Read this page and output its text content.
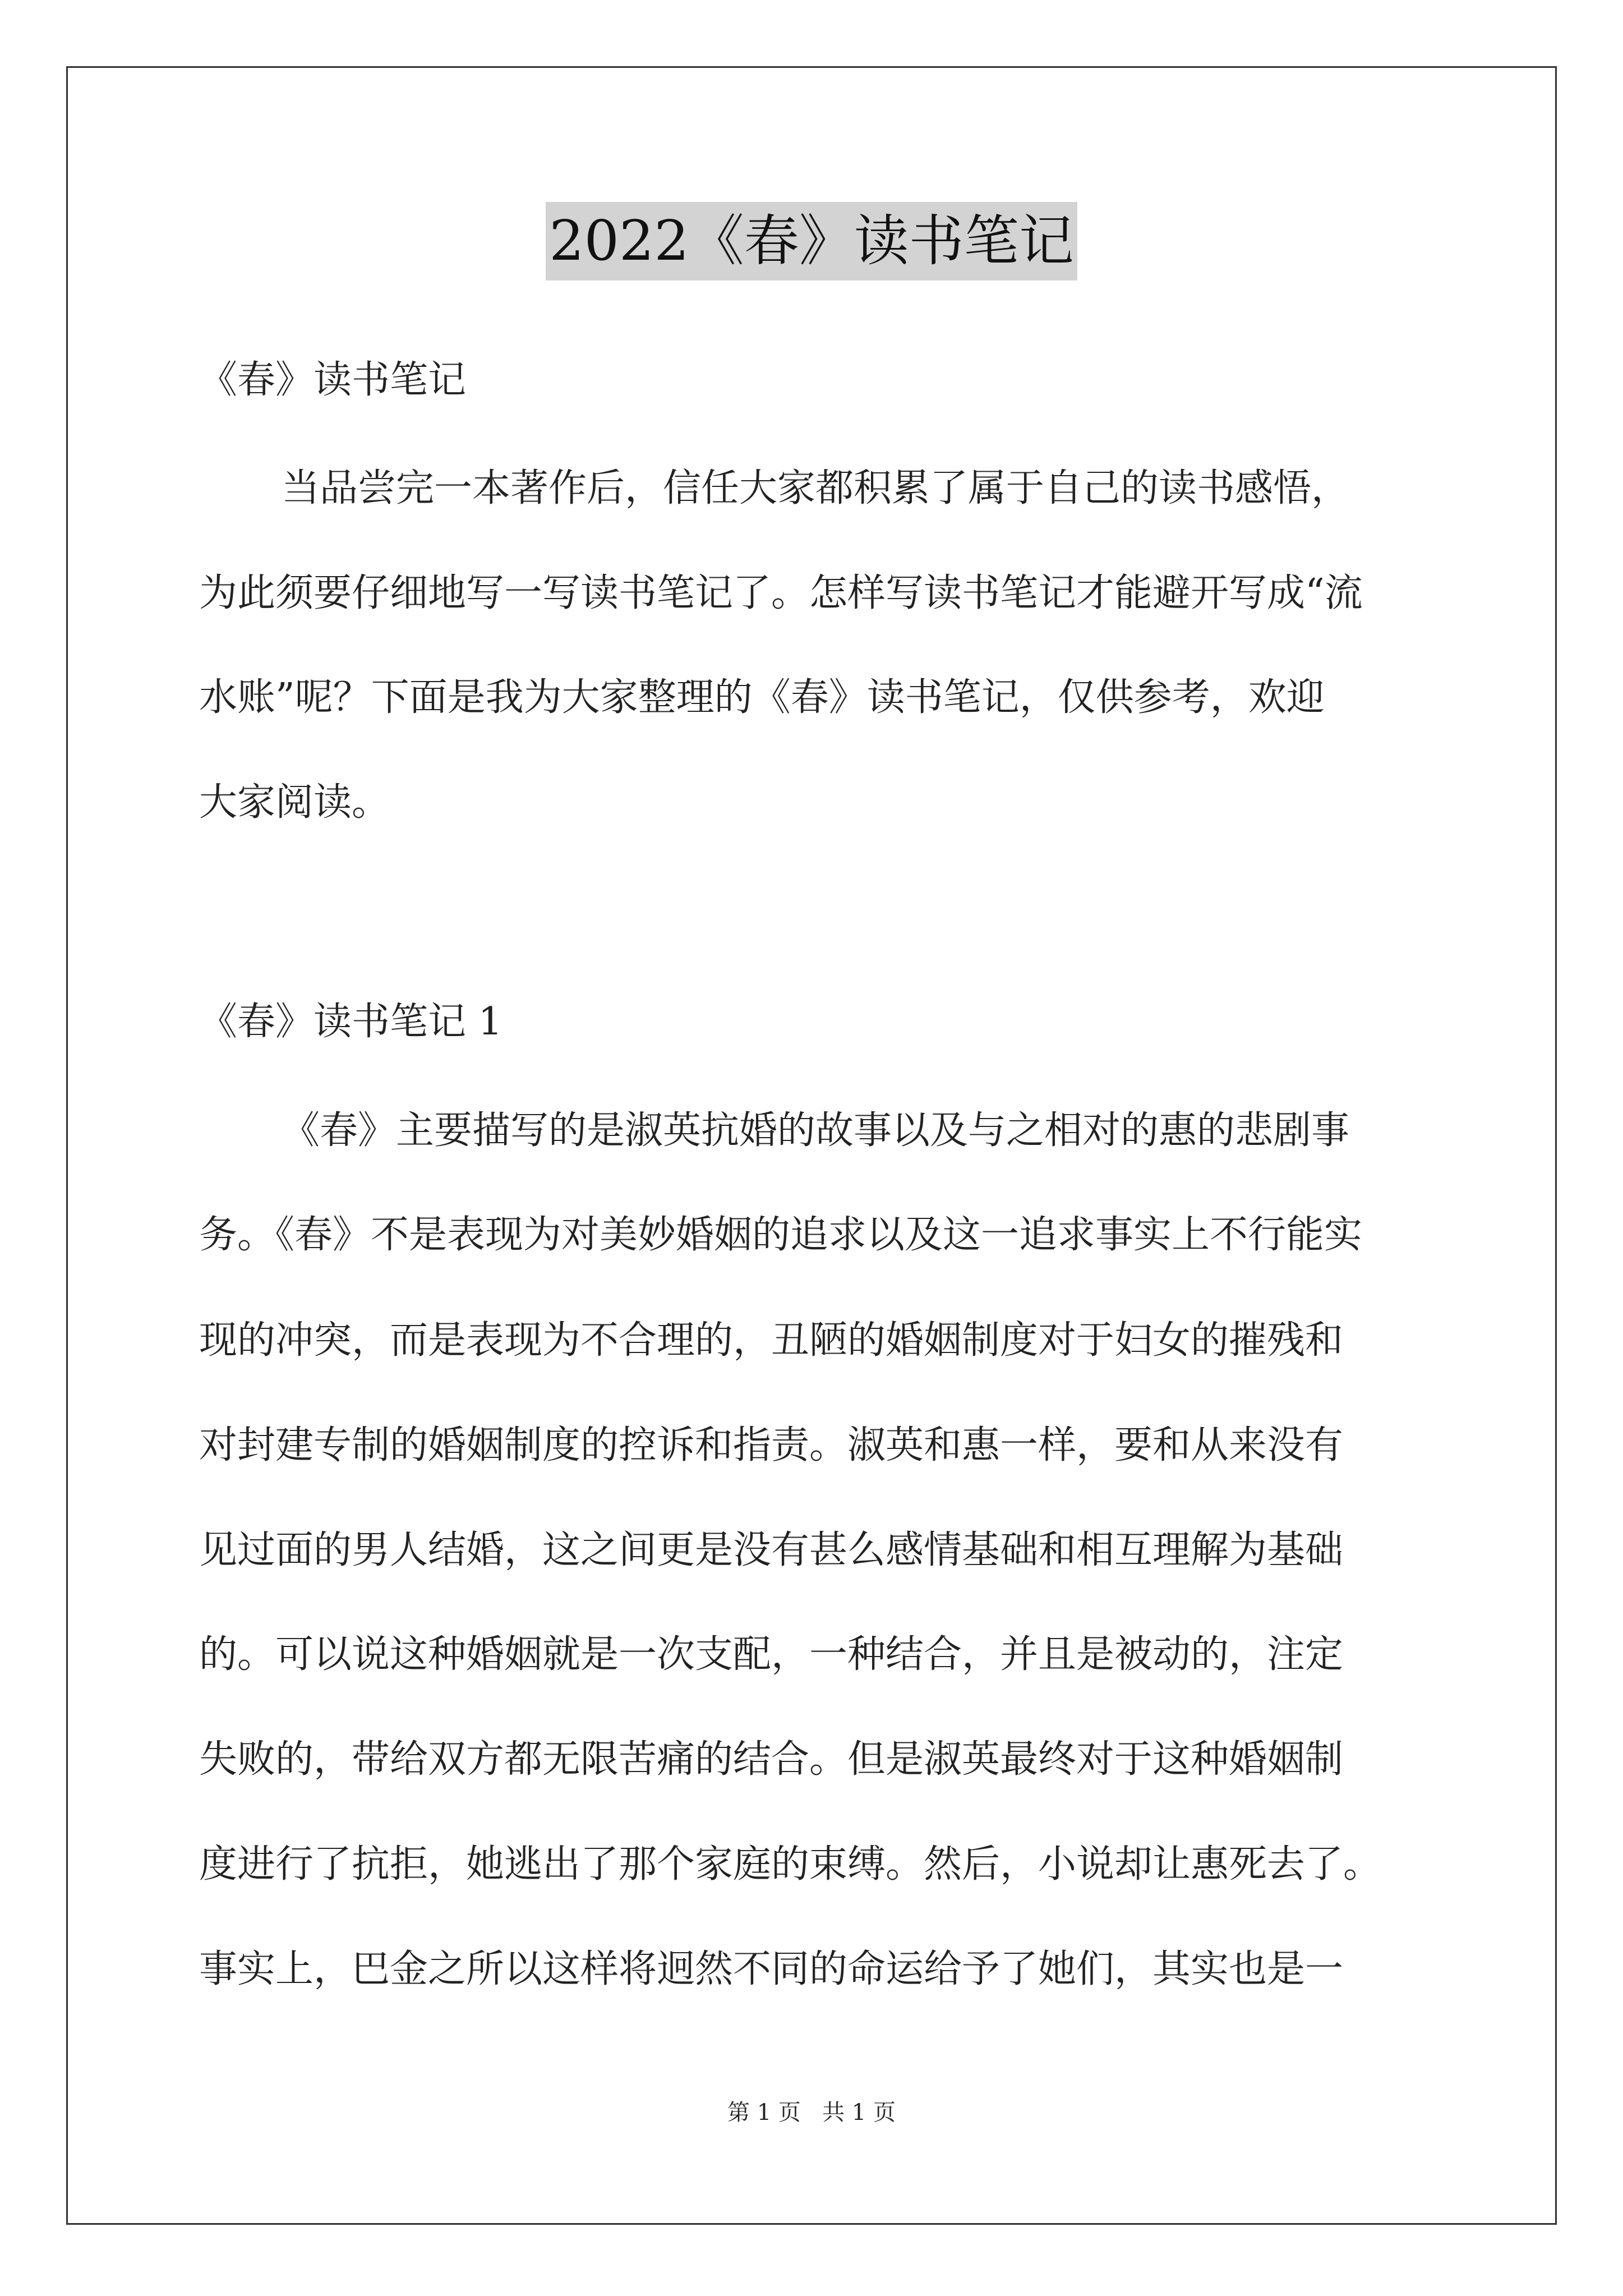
2022《春》读书笔记

《春》读书笔记

当品尝完一本著作后，信任大家都积累了属于自己的读书感悟，

为此须要仔细地写一写读书笔记了。怎样写读书笔记才能避开写成“流

水账”呢？下面是我为大家整理的《春》读书笔记，仅供参考，欢迎

大家阅读。

《春》读书笔记 1

《春》主要描写的是淑英抗婚的故事以及与之相对的惠的悲剧事

务。《春》不是表现为对美妙婚姻的追求以及这一追求事实上不行能实

现的冲突，而是表现为不合理的，丑陋的婚姻制度对于妇女的摧残和

对封建专制的婚姻制度的控诉和指责。淑英和惠一样，要和从来没有

见过面的男人结婚，这之间更是没有甚么感情基础和相互理解为基础

的。可以说这种婚姻就是一次支配，一种结合，并且是被动的，注定

失败的，带给双方都无限苦痛的结合。但是淑英最终对于这种婚姻制

度进行了抗拒，她逃出了那个家庭的束缚。然后，小说却让惠死去了。

事实上，巴金之所以这样将迥然不同的命运给予了她们，其实也是一

第 1 页   共 1 页
